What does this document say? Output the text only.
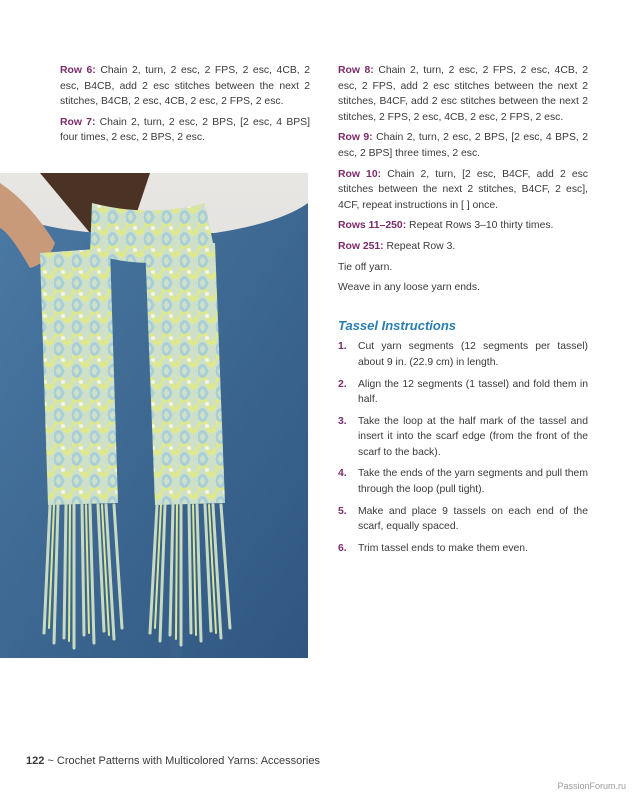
Row 6: Chain 2, turn, 2 esc, 2 FPS, 2 esc, 4CB, 2 esc, B4CB, add 2 esc stitches between the next 2 stitches, B4CB, 2 esc, 4CB, 2 esc, 2 FPS, 2 esc.

Row 7: Chain 2, turn, 2 esc, 2 BPS, [2 esc, 4 BPS] four times, 2 esc, 2 BPS, 2 esc.

Row 8: Chain 2, turn, 2 esc, 2 FPS, 2 esc, 4CB, 2 esc, 2 FPS, add 2 esc stitches between the next 2 stitches, B4CF, add 2 esc stitches between the next 2 stitches, 2 FPS, 2 esc, 4CB, 2 esc, 2 FPS, 2 esc.

Row 9: Chain 2, turn, 2 esc, 2 BPS, [2 esc, 4 BPS, 2 esc, 2 BPS] three times, 2 esc.

Row 10: Chain 2, turn, [2 esc, B4CF, add 2 esc stitches between the next 2 stitches, B4CF, 2 esc], 4CF, repeat instructions in [ ] once.

Rows 11–250: Repeat Rows 3–10 thirty times.

Row 251: Repeat Row 3.

Tie off yarn.

Weave in any loose yarn ends.

Tassel Instructions
1. Cut yarn segments (12 segments per tassel) about 9 in. (22.9 cm) in length.
2. Align the 12 segments (1 tassel) and fold them in half.
3. Take the loop at the half mark of the tassel and insert it into the scarf edge (from the front of the scarf to the back).
4. Take the ends of the yarn segments and pull them through the loop (pull tight).
5. Make and place 9 tassels on each end of the scarf, equally spaced.
6. Trim tassel ends to make them even.
122 ~ Crochet Patterns with Multicolored Yarns: Accessories
PassionForum.ru
